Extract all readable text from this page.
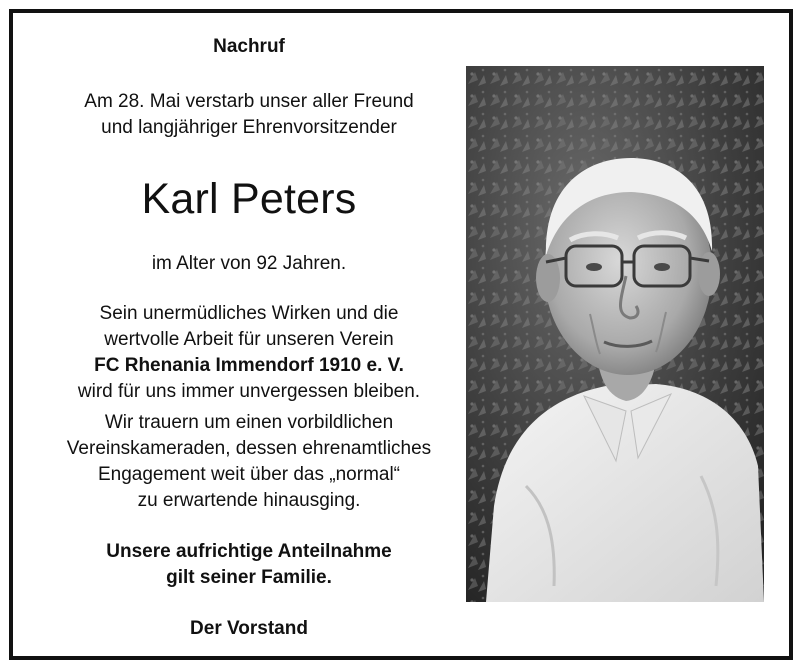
Nachruf
Am 28. Mai verstarb unser aller Freund
und langjähriger Ehrenvorsitzender
Karl Peters
im Alter von 92 Jahren.
Sein unermüdliches Wirken und die
wertvolle Arbeit für unseren Verein
FC Rhenania Immendorf 1910 e. V.
wird für uns immer unvergessen bleiben.
Wir trauern um einen vorbildlichen
Vereinskameraden, dessen ehrenamtliches
Engagement weit über das „normal“
zu erwartende hinausging.
Unsere aufrichtige Anteilnahme
gilt seiner Familie.
Der Vorstand
